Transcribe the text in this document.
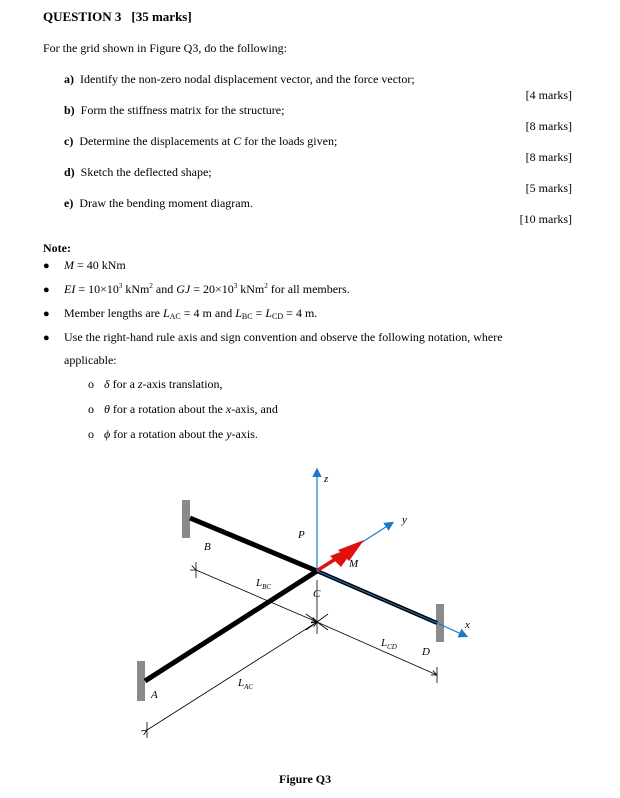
QUESTION 3 [35 marks]
For the grid shown in Figure Q3, do the following:
a) Identify the non-zero nodal displacement vector, and the force vector;
[4 marks]
b) Form the stiffness matrix for the structure;
[8 marks]
c) Determine the displacements at C for the loads given;
[8 marks]
d) Sketch the deflected shape;
[5 marks]
e) Draw the bending moment diagram.
[10 marks]
Note:
● M = 40 kNm
● EI = $10\times 10^3$ kNm$^2$ and GJ = $20\times 10^3$ kNm$^2$ for all members.
● Member lengths are $L_{AC} = 4$ m and $L_{BC} = L_{CD} = 4$ m.
● Use the right-hand rule axis and sign convention and observe the following notation, where
applicable:
o δ for a z-axis translation,
o θ for a rotation about the x-axis, and
o ϕ for a rotation about the y-axis.
z
y
x
P
M
B
C
D
A
$L_{BC}$
$L_{CD}$
$L_{AC}$
Figure Q3
